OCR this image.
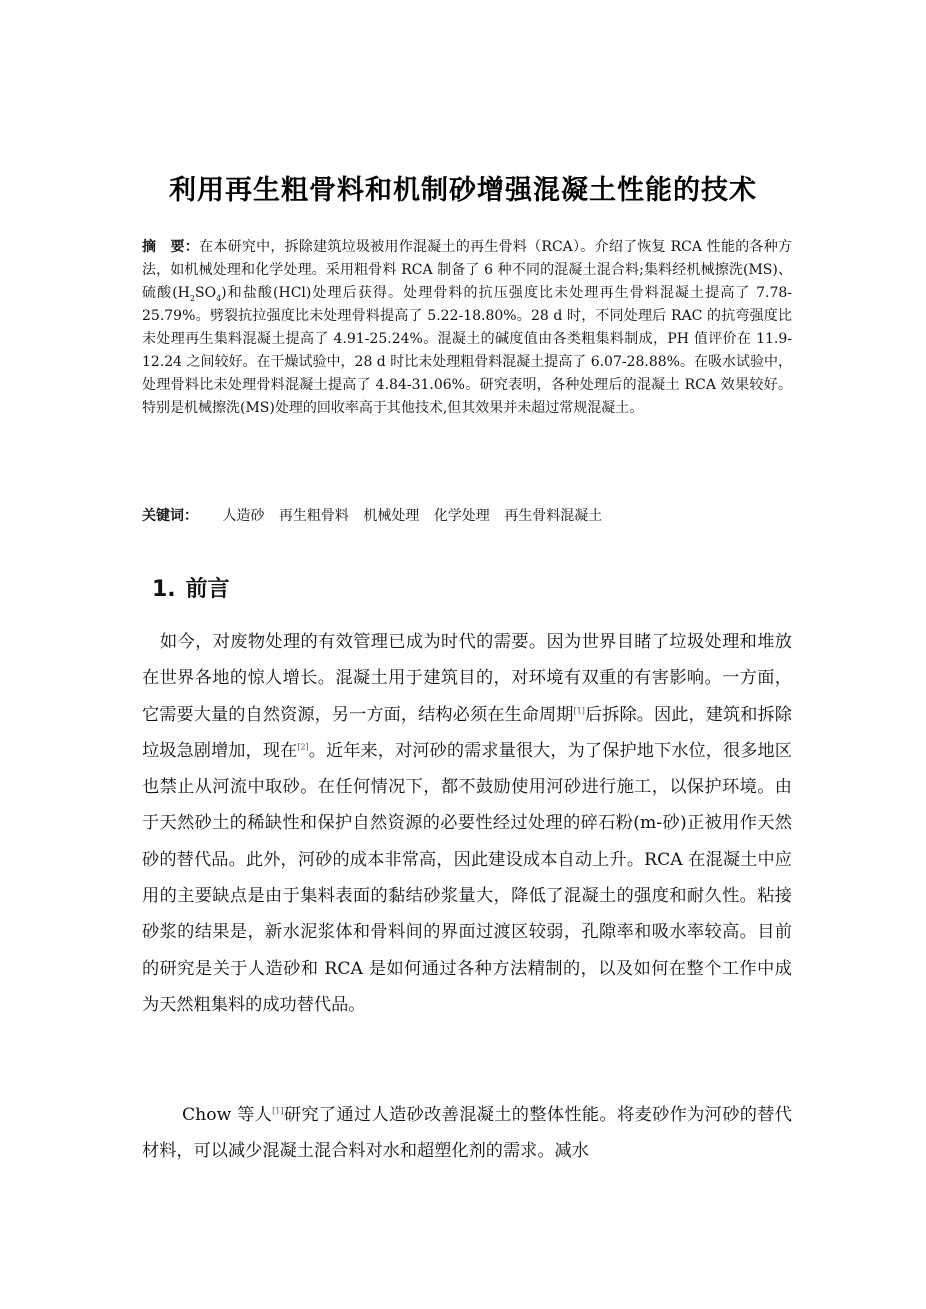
利用再生粗骨料和机制砂增强混凝土性能的技术

摘　要：在本研究中，拆除建筑垃圾被用作混凝土的再生骨料（RCA）。介绍了恢复 RCA 性能的各种方法，如机械处理和化学处理。采用粗骨料 RCA 制备了 6 种不同的混凝土混合料;集料经机械擦洗(MS)、硫酸$(H_2SO_4)$和盐酸(HCl)处理后获得。处理骨料的抗压强度比未处理再生骨料混凝土提高了 7.78- 25.79%。劈裂抗拉强度比未处理骨料提高了 5.22-18.80%。28 d 时，不同处理后 RAC 的抗弯强度比未处理再生集料混凝土提高了 4.91-25.24%。混凝土的碱度值由各类粗集料制成，PH 值评价在 11.9- 12.24 之间较好。在干燥试验中，28 d 时比未处理粗骨料混凝土提高了 6.07-28.88%。在吸水试验中，处理骨料比未处理骨料混凝土提高了 4.84-31.06%。研究表明，各种处理后的混凝土 RCA 效果较好。特别是机械擦洗(MS)处理的回收率高于其他技术,但其效果并未超过常规混凝土。

关键词： 人造砂 再生粗骨料 机械处理 化学处理 再生骨料混凝土

1. 前言

如今，对废物处理的有效管理已成为时代的需要。因为世界目睹了垃圾处理和堆放在世界各地的惊人增长。混凝土用于建筑目的，对环境有双重的有害影响。一方面，它需要大量的自然资源，另一方面，结构必须在生命周期[1]后拆除。因此，建筑和拆除垃圾急剧增加，现在[2]。近年来，对河砂的需求量很大，为了保护地下水位，很多地区也禁止从河流中取砂。在任何情况下，都不鼓励使用河砂进行施工，以保护环境。由于天然砂土的稀缺性和保护自然资源的必要性经过处理的碎石粉(m-砂)正被用作天然砂的替代品。此外，河砂的成本非常高，因此建设成本自动上升。RCA 在混凝土中应用的主要缺点是由于集料表面的黏结砂浆量大，降低了混凝土的强度和耐久性。粘接砂浆的结果是，新水泥浆体和骨料间的界面过渡区较弱，孔隙率和吸水率较高。目前的研究是关于人造砂和 RCA 是如何通过各种方法精制的，以及如何在整个工作中成为天然粗集料的成功替代品。

Chow 等人[1]研究了通过人造砂改善混凝土的整体性能。将麦砂作为河砂的替代材料，可以减少混凝土混合料对水和超塑化剂的需求。减水
